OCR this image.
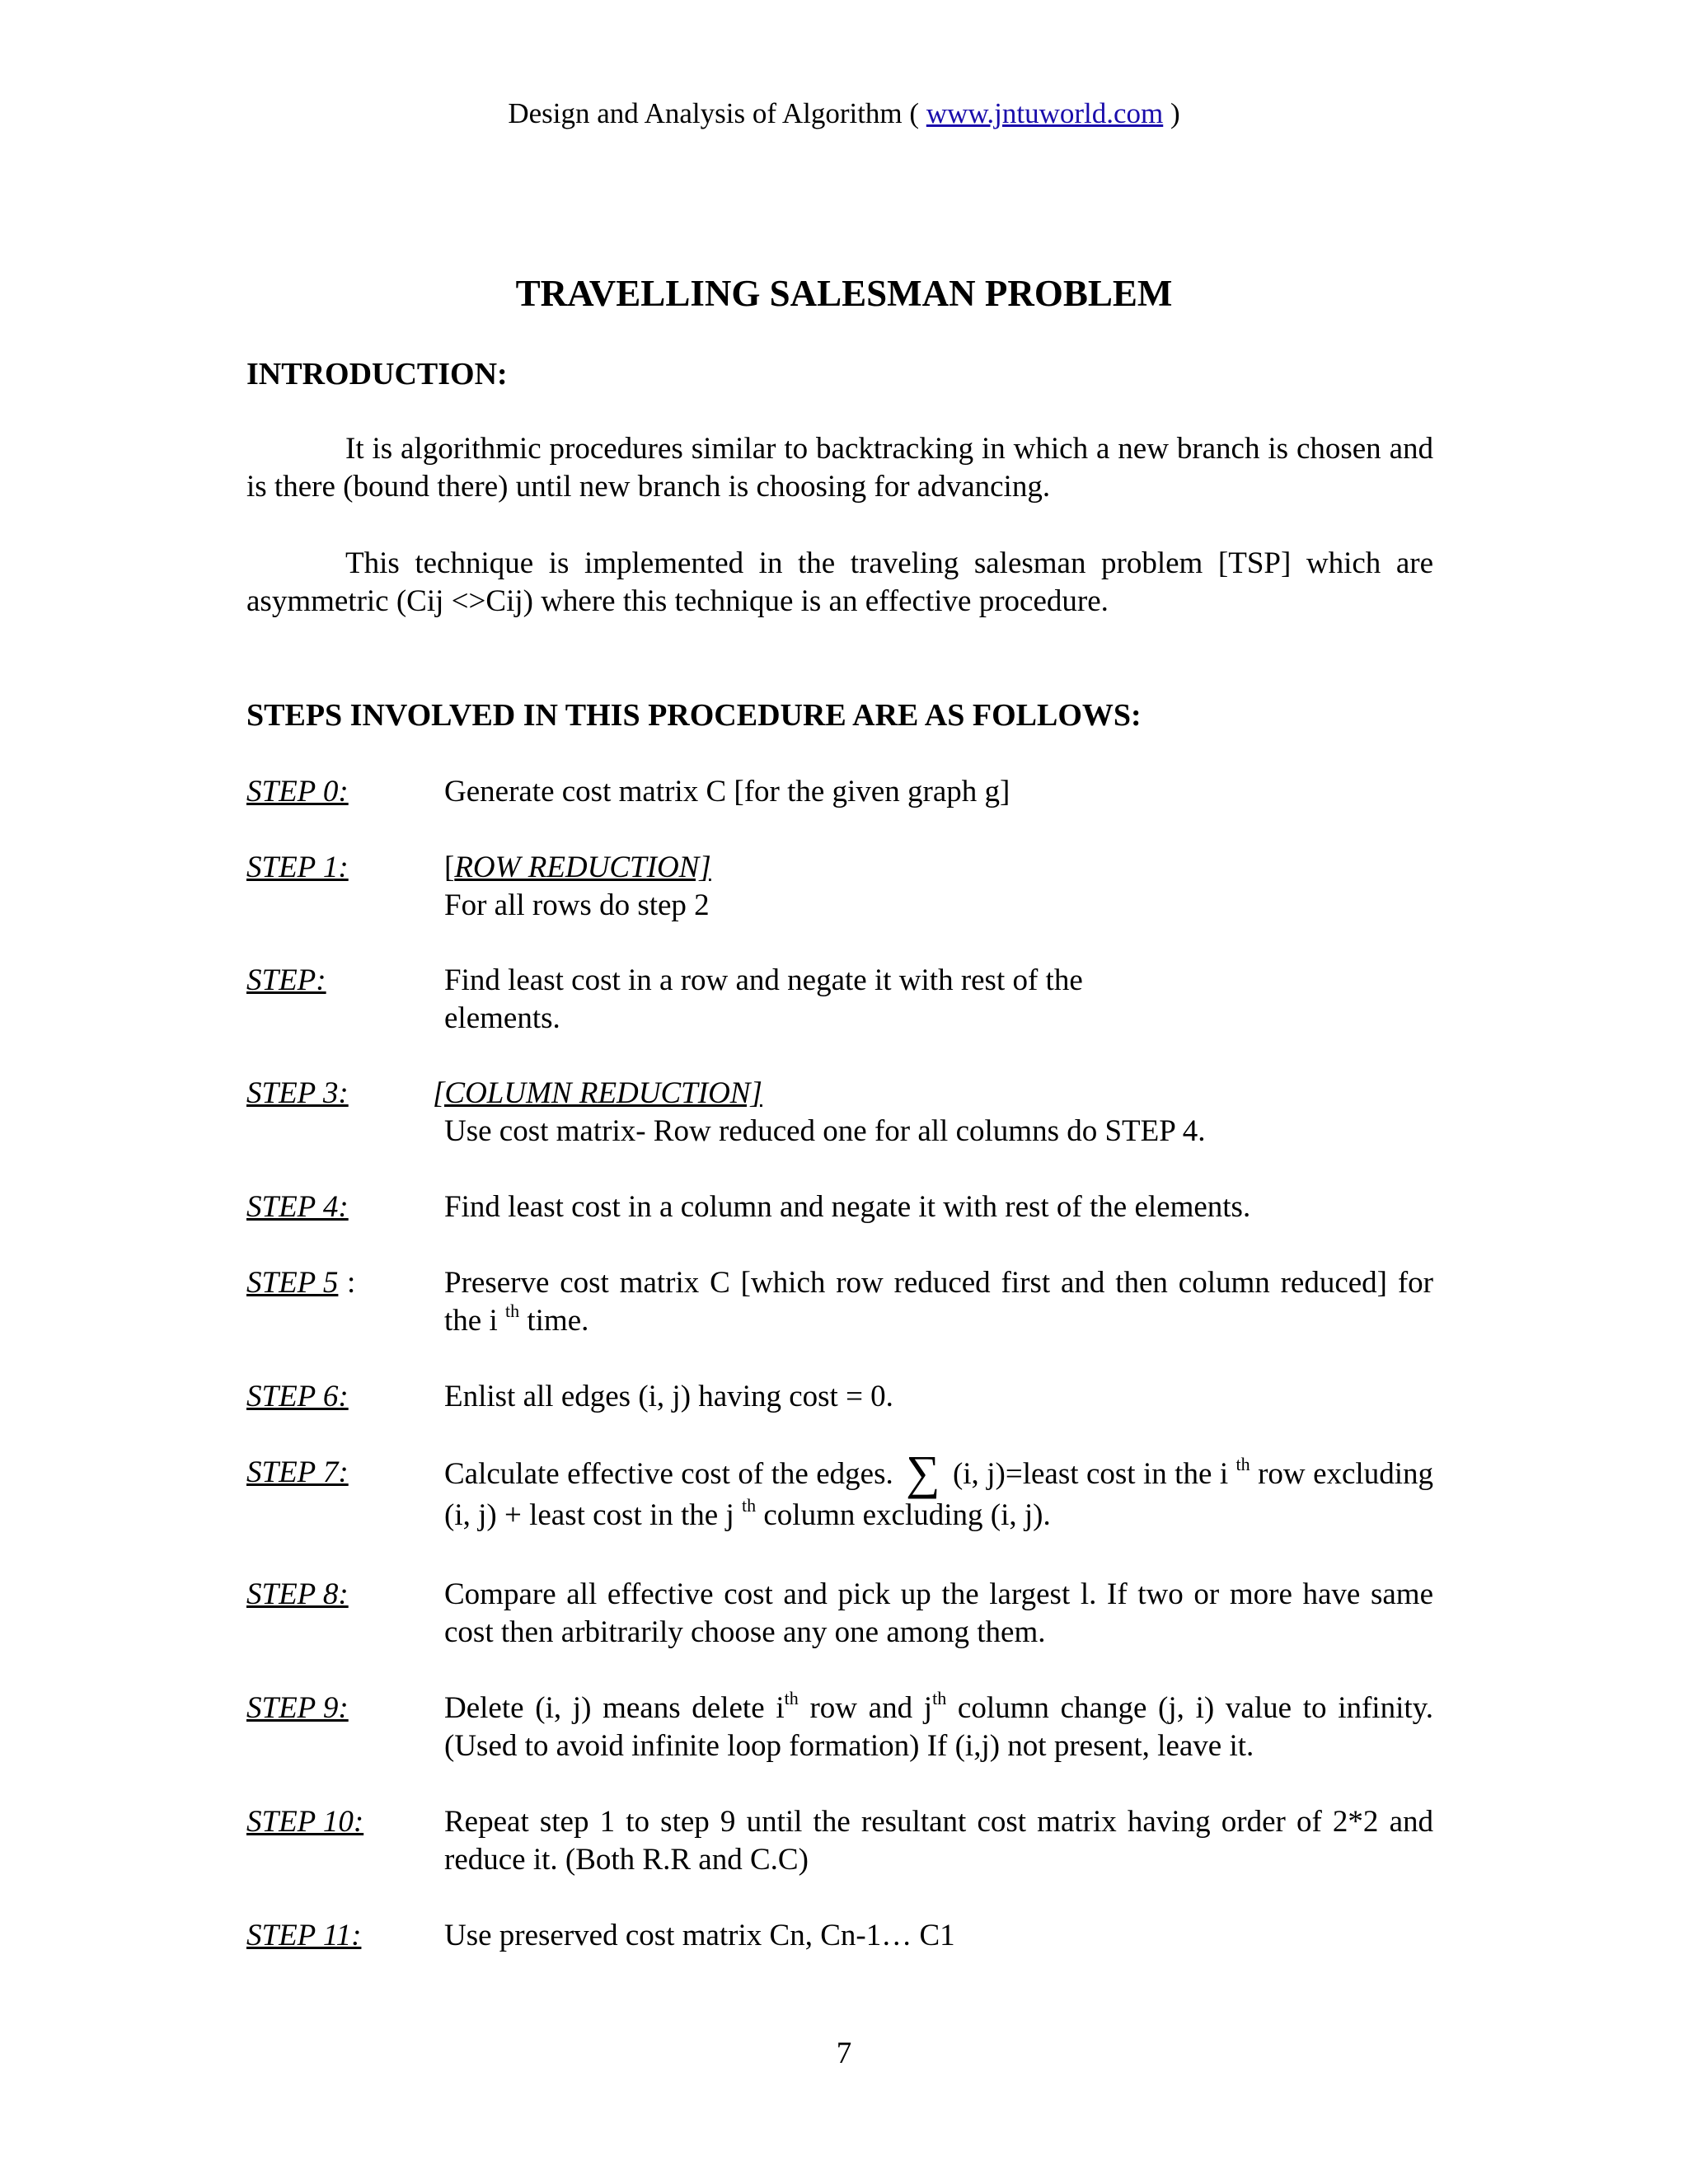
Design and Analysis of Algorithm ( www.jntuworld.com )
TRAVELLING SALESMAN PROBLEM
INTRODUCTION:

It is algorithmic procedures similar to backtracking in which a new branch is chosen and is there (bound there) until new branch is choosing for advancing.

This technique is implemented in the traveling salesman problem [TSP] which are asymmetric (Cij <>Cij) where this technique is an effective procedure.

STEPS INVOLVED IN THIS PROCEDURE ARE AS FOLLOWS:
STEP 0:	Generate cost matrix C [for the given graph g]

STEP 1:	[ROW REDUCTION]
For all rows do step 2
STEP:	Find least cost in a row and negate it with rest of the
elements.
STEP 3:	[COLUMN REDUCTION]
Use cost matrix- Row reduced one for all columns do STEP 4.
STEP 4:	Find least cost in a column and negate it with rest of the elements.

STEP 5 :	Preserve cost matrix C [which row reduced first and then column reduced] for the i $^{th}$ time.

STEP 6:	Enlist all edges (i, j) having cost = 0.

STEP 7:	Calculate effective cost of the edges. ∑ (i, j)=least cost in the i $^{th}$ row excluding (i, j) + least cost in the j $^{th}$ column excluding (i, j).

STEP 8:	Compare all effective cost and pick up the largest l. If two or more have same cost then arbitrarily choose any one among them.

STEP 9:	Delete (i, j) means delete $i^{th}$ row and $j^{th}$ column change (j, i) value to infinity. (Used to avoid infinite loop formation) If (i,j) not present, leave it.

STEP 10:	Repeat step 1 to step 9 until the resultant cost matrix having order of 2*2 and reduce it. (Both R.R and C.C)

STEP 11:	Use preserved cost matrix Cn, Cn-1… C1

7
